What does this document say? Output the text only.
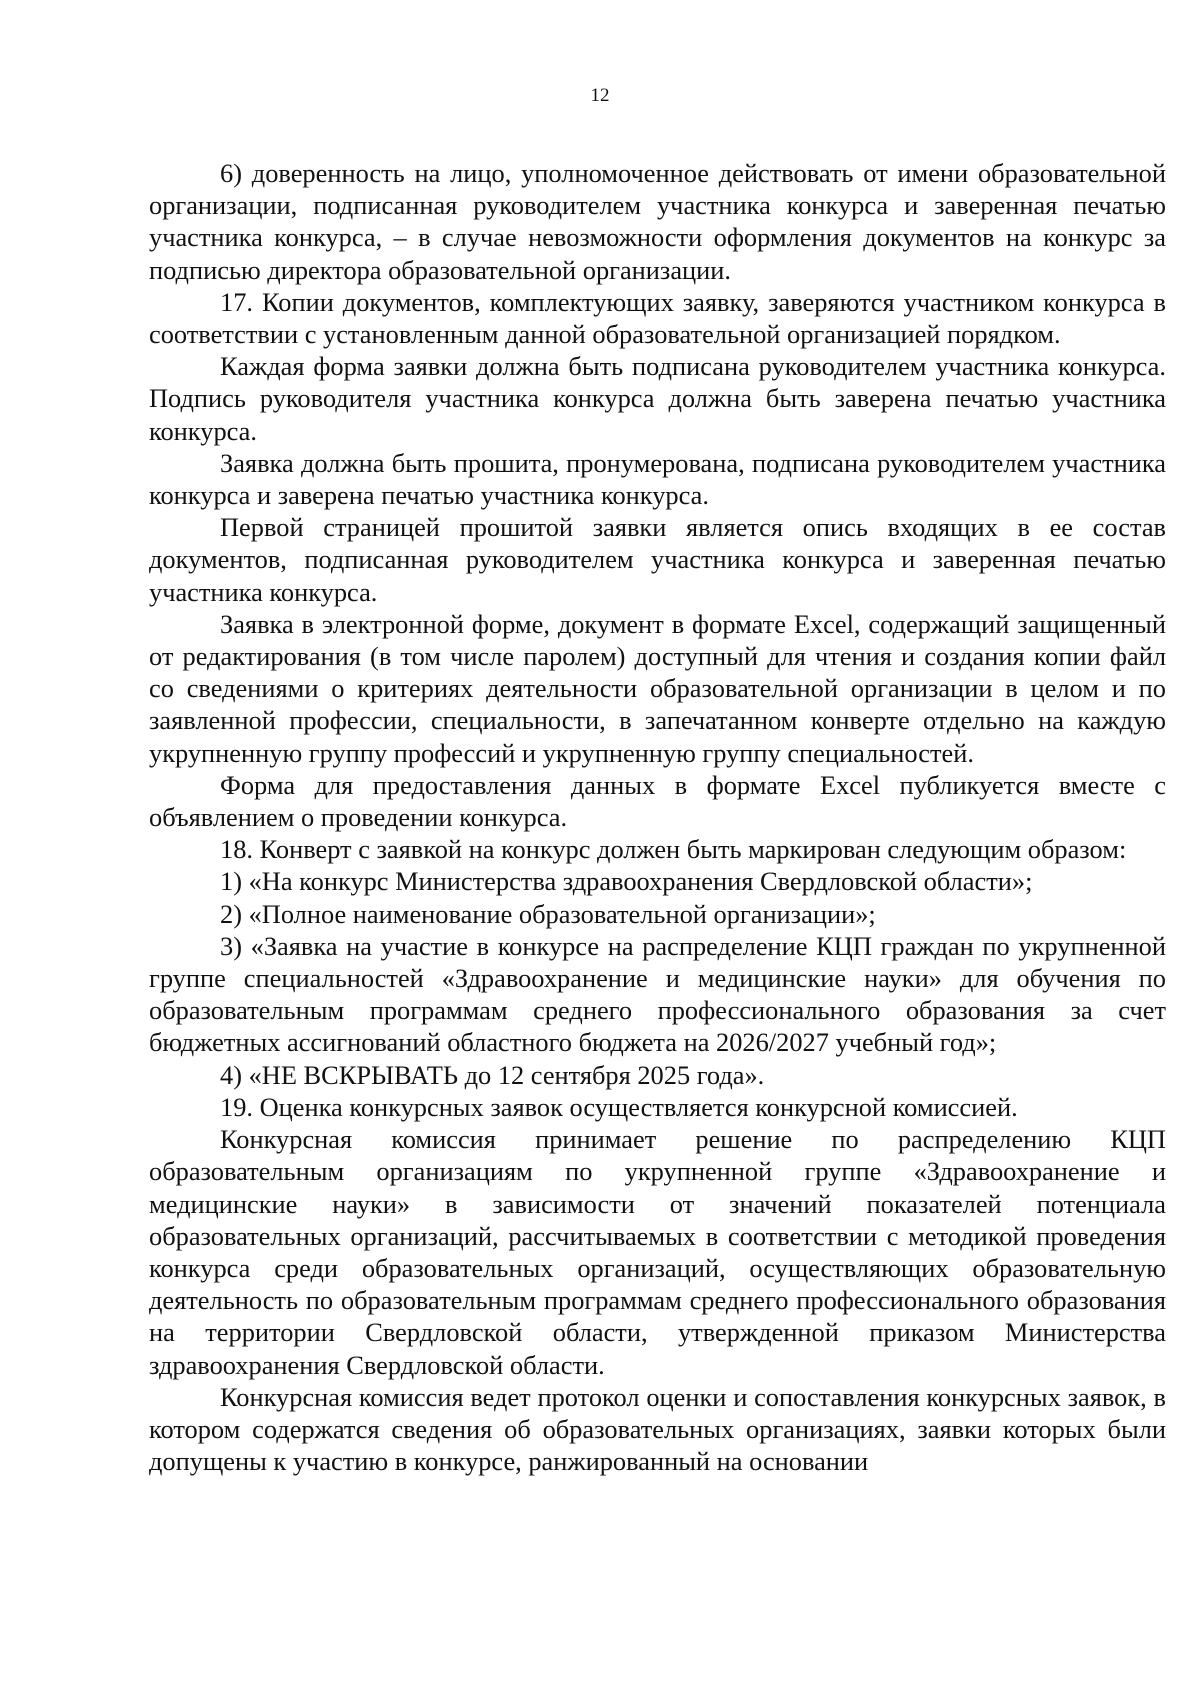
12

6) доверенность на лицо, уполномоченное действовать от имени образовательной организации, подписанная руководителем участника конкурса и заверенная печатью участника конкурса, – в случае невозможности оформления документов на конкурс за подписью директора образовательной организации.

17. Копии документов, комплектующих заявку, заверяются участником конкурса в соответствии с установленным данной образовательной организацией порядком.

Каждая форма заявки должна быть подписана руководителем участника конкурса. Подпись руководителя участника конкурса должна быть заверена печатью участника конкурса.

Заявка должна быть прошита, пронумерована, подписана руководителем участника конкурса и заверена печатью участника конкурса.

Первой страницей прошитой заявки является опись входящих в ее состав документов, подписанная руководителем участника конкурса и заверенная печатью участника конкурса.

Заявка в электронной форме, документ в формате Excel, содержащий защищенный от редактирования (в том числе паролем) доступный для чтения и создания копии файл со сведениями о критериях деятельности образовательной организации в целом и по заявленной профессии, специальности, в запечатанном конверте отдельно на каждую укрупненную группу профессий и укрупненную группу специальностей.

Форма для предоставления данных в формате Excel публикуется вместе с объявлением о проведении конкурса.

18. Конверт с заявкой на конкурс должен быть маркирован следующим образом:

1) «На конкурс Министерства здравоохранения Свердловской области»;

2) «Полное наименование образовательной организации»;

3) «Заявка на участие в конкурсе на распределение КЦП граждан по укрупненной группе специальностей «Здравоохранение и медицинские науки» для обучения по образовательным программам среднего профессионального образования за счет бюджетных ассигнований областного бюджета на 2026/2027 учебный год»;

4) «НЕ ВСКРЫВАТЬ до 12 сентября 2025 года».

19. Оценка конкурсных заявок осуществляется конкурсной комиссией.

Конкурсная комиссия принимает решение по распределению КЦП образовательным организациям по укрупненной группе «Здравоохранение и медицинские науки» в зависимости от значений показателей потенциала образовательных организаций, рассчитываемых в соответствии с методикой проведения конкурса среди образовательных организаций, осуществляющих образовательную деятельность по образовательным программам среднего профессионального образования на территории Свердловской области, утвержденной приказом Министерства здравоохранения Свердловской области.

Конкурсная комиссия ведет протокол оценки и сопоставления конкурсных заявок, в котором содержатся сведения об образовательных организациях, заявки которых были допущены к участию в конкурсе, ранжированный на основании
